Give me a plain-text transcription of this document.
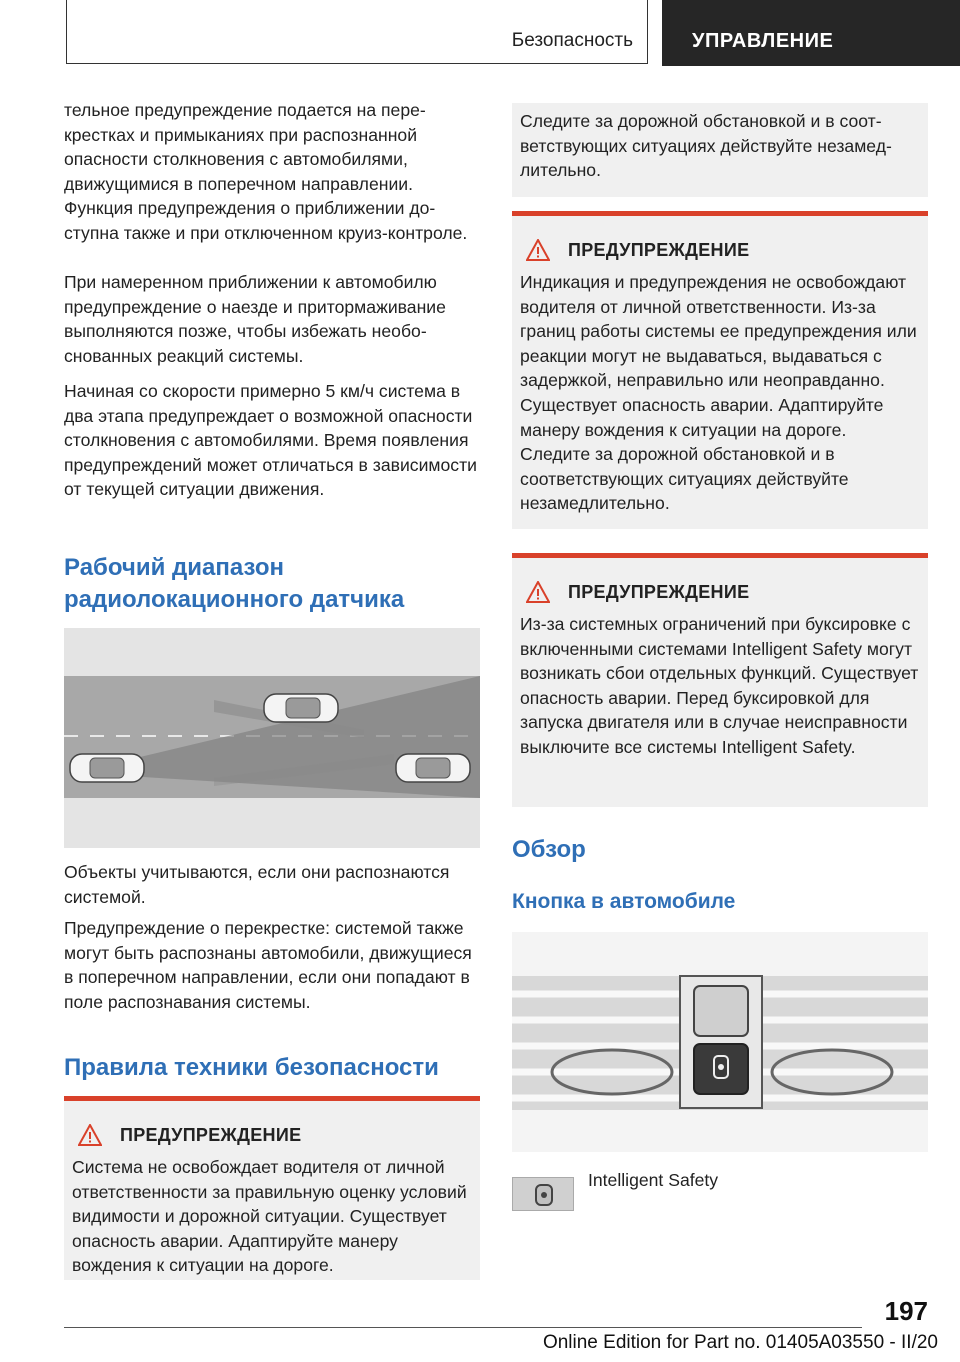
Безопасность	УПРАВЛЕНИЕ

тельное предупреждение подается на перекрестках и примыканиях при распознанной опасности столкновения с автомобилями, движущимися в поперечном направлении.

Функция предупреждения о приближении доступна также и при отключенном круиз-контроле.

При намеренном приближении к автомобилю предупреждение о наезде и притормаживание выполняются позже, чтобы избежать необоснованных реакций системы.

Начиная со скорости примерно 5 км/ч система в два этапа предупреждает о возможной опасности столкновения с автомобилями. Время появления предупреждений может отличаться в зависимости от текущей ситуации движения.

Рабочий диапазон радиолокационного датчика

Объекты учитываются, если они распознаются системой.

Предупреждение о перекрестке: системой также могут быть распознаны автомобили, движущиеся в поперечном направлении, если они попадают в поле распознавания системы.

Правила техники безопасности
ПРЕДУПРЕЖДЕНИЕ

Система не освобождает водителя от личной ответственности за правильную оценку условий видимости и дорожной ситуации. Существует опасность аварии. Адаптируйте манеру вождения к ситуации на дороге.

Следите за дорожной обстановкой и в соответствующих ситуациях действуйте незамедлительно.

ПРЕДУПРЕЖДЕНИЕ

Индикация и предупреждения не освобождают водителя от личной ответственности. Из-за границ работы системы ее предупреждения или реакции могут не выдаваться, выдаваться с задержкой, неправильно или неоправданно. Существует опасность аварии. Адаптируйте манеру вождения к ситуации на дороге. Следите за дорожной обстановкой и в соответствующих ситуациях действуйте незамедлительно.

ПРЕДУПРЕЖДЕНИЕ

Из-за системных ограничений при буксировке с включенными системами Intelligent Safety могут возникать сбои отдельных функций. Существует опасность аварии. Перед буксировкой для запуска двигателя или в случае неисправности выключите все системы Intelligent Safety.

Обзор
Кнопка в автомобиле
Intelligent Safety
197
Online Edition for Part no. 01405A03550 - II/20
